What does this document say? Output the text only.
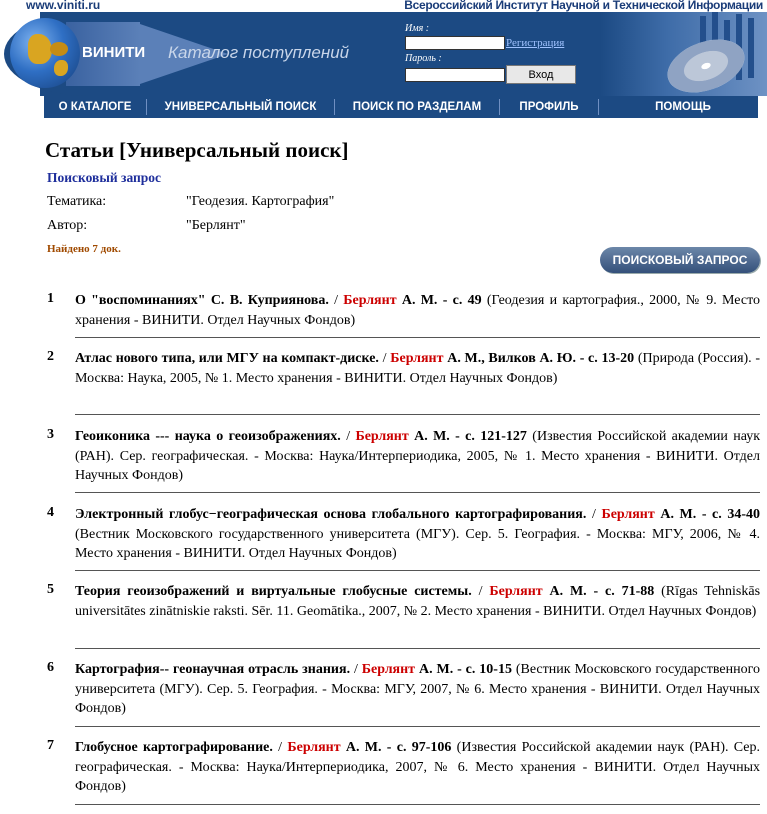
www.viniti.ru	Всероссийский Институт Научной и Технической Информации
ВИНИТИ Каталог поступлений
Имя :
Регистрация
Пароль :
Вход
О КАТАЛОГЕ	УНИВЕРСАЛЬНЫЙ ПОИСК	ПОИСК ПО РАЗДЕЛАМ	ПРОФИЛЬ	ПОМОЩЬ
Статьи [Универсальный поиск]
Поисковый запрос
Тематика:	"Геодезия. Картография"
Автор:	"Берлянт"
Найдено 7 док.
ПОИСКОВЫЙ ЗАПРОС
1 О "воспоминаниях" С. В. Куприянова. / Берлянт А. М. - с. 49 (Геодезия и картография., 2000, № 9. Место хранения - ВИНИТИ. Отдел Научных Фондов)
2 Атлас нового типа, или МГУ на компакт-диске. / Берлянт А. М., Вилков А. Ю. - с. 13-20 (Природа (Россия). - Москва: Наука, 2005, № 1. Место хранения - ВИНИТИ. Отдел Научных Фондов)
3 Геоиконика --- наука о геоизображениях. / Берлянт А. М. - с. 121-127 (Известия Российской академии наук (РАН). Сер. географическая. - Москва: Наука/Интерпериодика, 2005, № 1. Место хранения - ВИНИТИ. Отдел Научных Фондов)
4 Электронный глобус−географическая основа глобального картографирования. / Берлянт А. М. - с. 34-40 (Вестник Московского государственного университета (МГУ). Сер. 5. География. - Москва: МГУ, 2006, № 4. Место хранения - ВИНИТИ. Отдел Научных Фондов)
5 Теория геоизображений и виртуальные глобусные системы. / Берлянт А. М. - с. 71-88 (Rīgas Tehniskās universitātes zinātniskie raksti. Sēr. 11. Geomātika., 2007, № 2. Место хранения - ВИНИТИ. Отдел Научных Фондов)
6 Картография-- геонаучная отрасль знания. / Берлянт А. М. - с. 10-15 (Вестник Московского государственного университета (МГУ). Сер. 5. География. - Москва: МГУ, 2007, № 6. Место хранения - ВИНИТИ. Отдел Научных Фондов)
7 Глобусное картографирование. / Берлянт А. М. - с. 97-106 (Известия Российской академии наук (РАН). Сер. географическая. - Москва: Наука/Интерпериодика, 2007, № 6. Место хранения - ВИНИТИ. Отдел Научных Фондов)
